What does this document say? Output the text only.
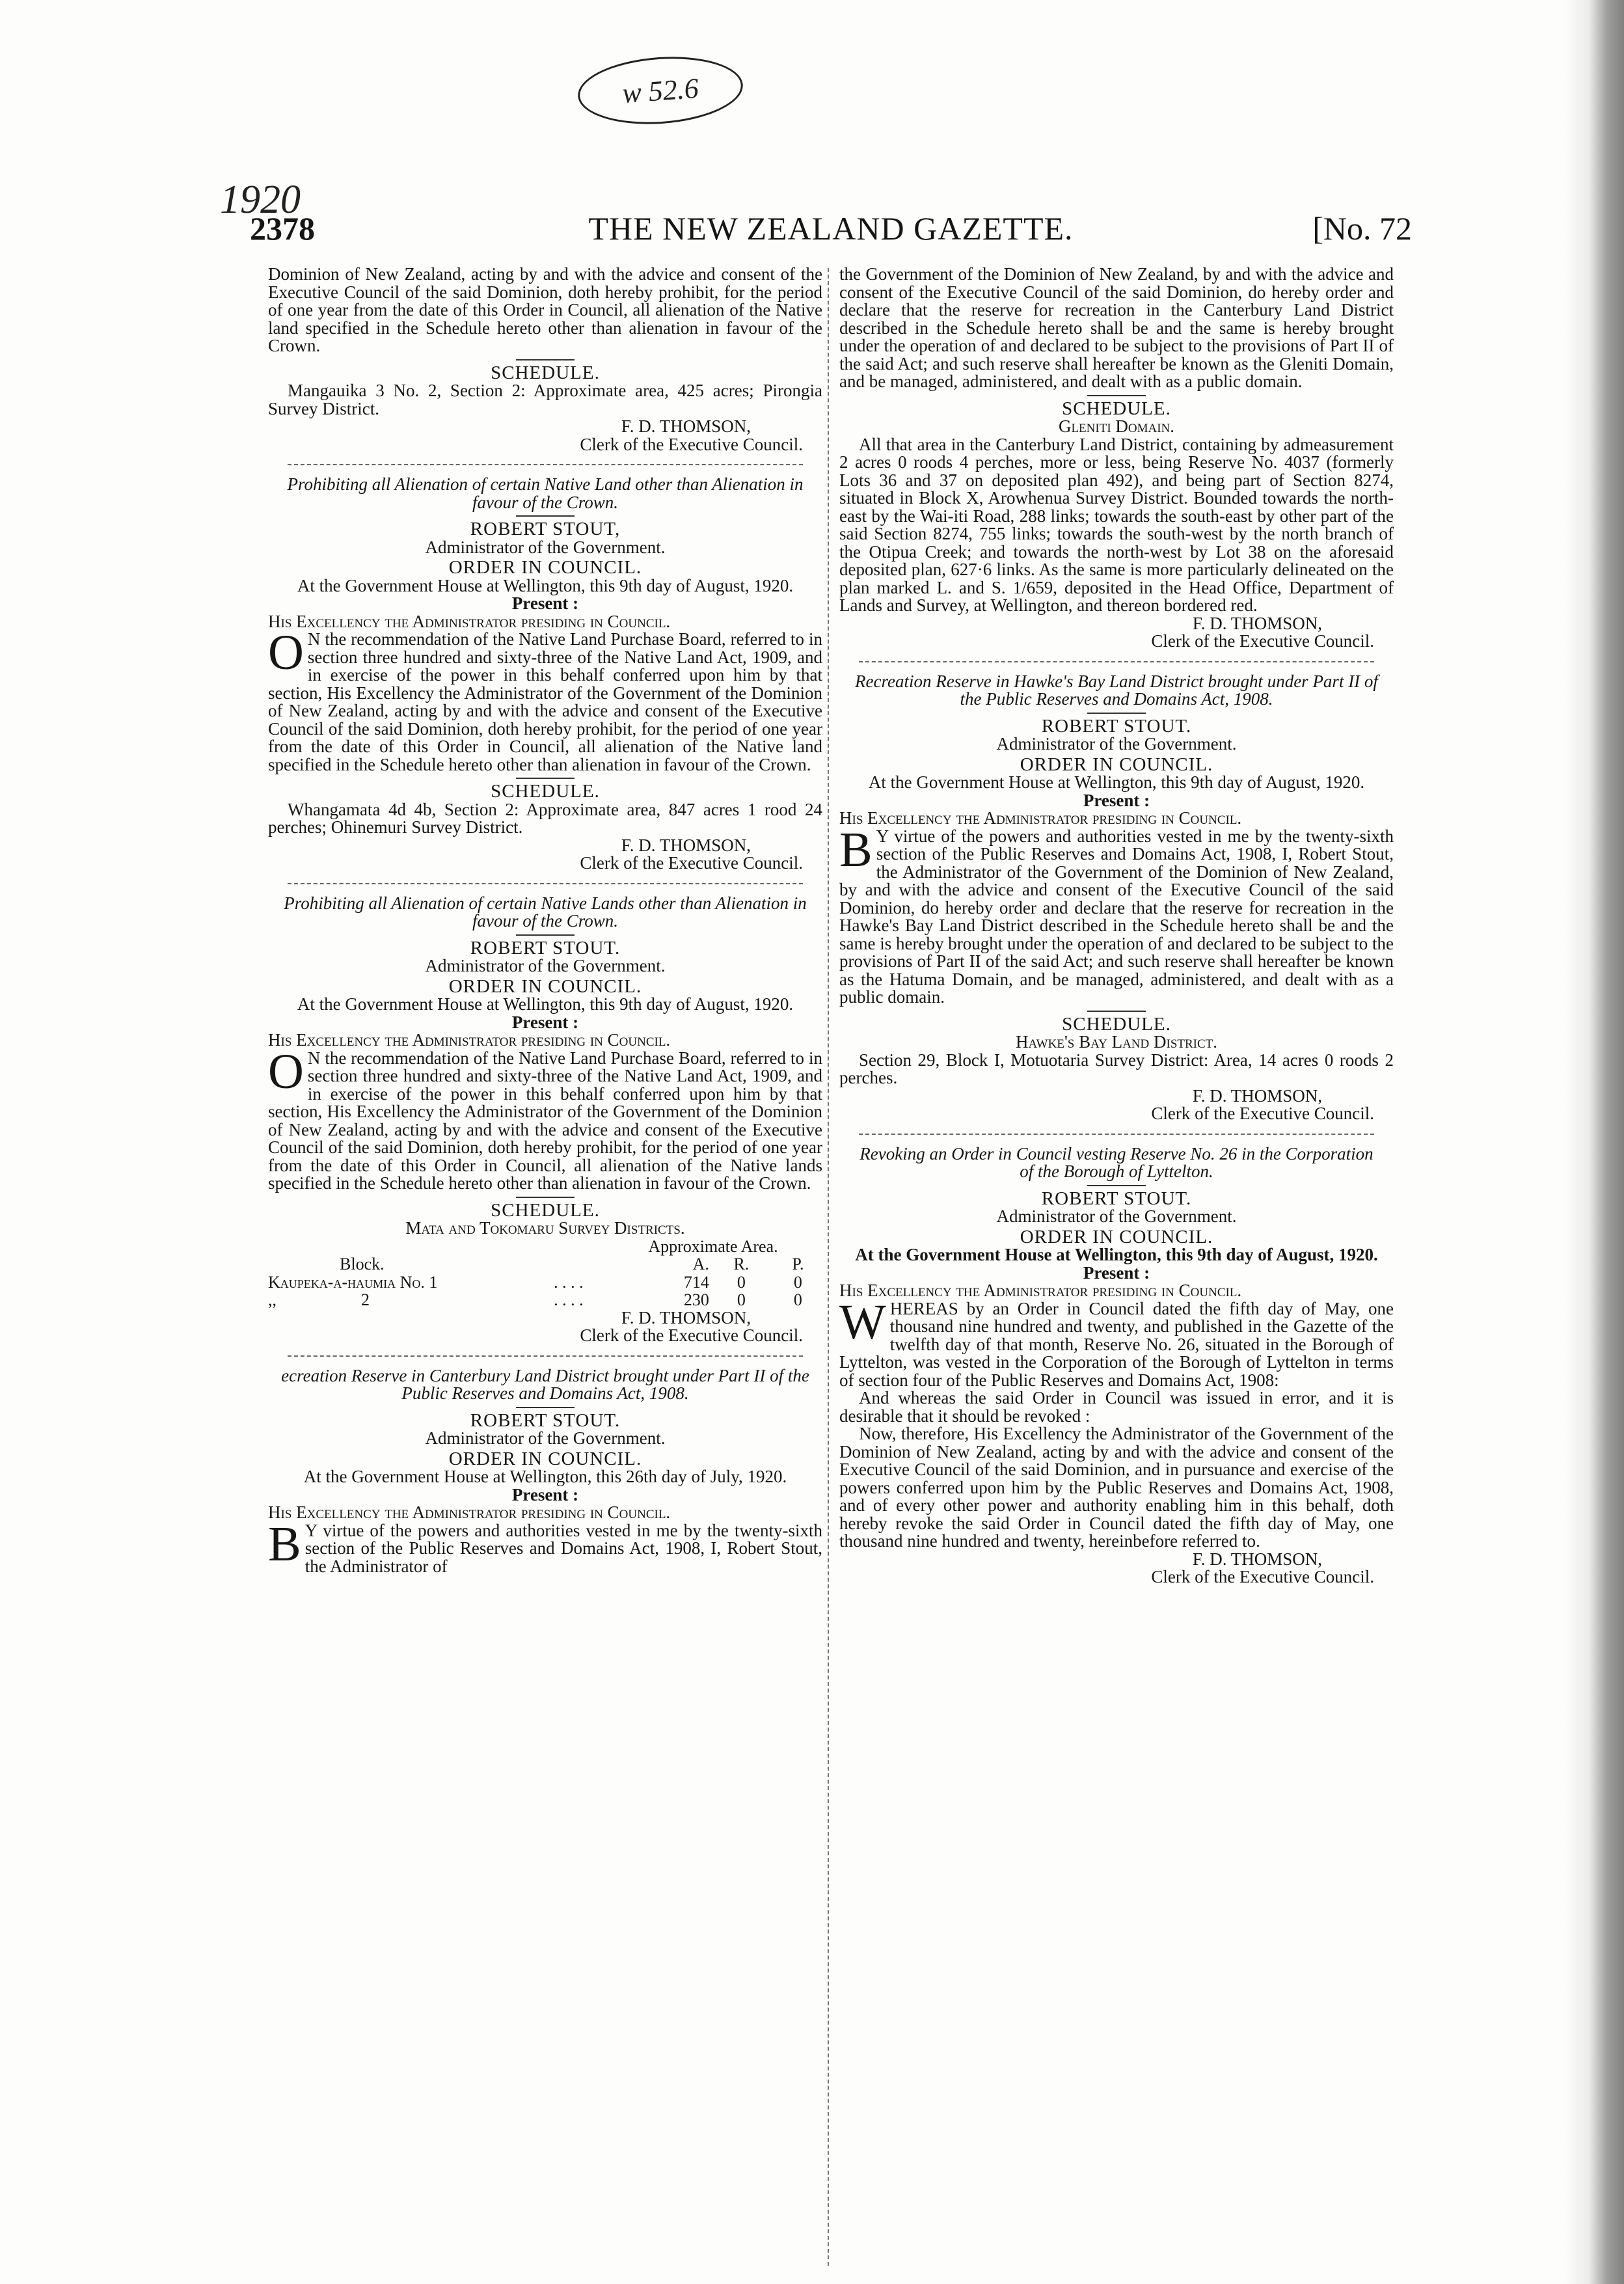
w 52.6
1920
2378	THE NEW ZEALAND GAZETTE.	[No. 72

Dominion of New Zealand, acting by and with the advice and consent of the Executive Council of the said Dominion, doth hereby prohibit, for the period of one year from the date of this Order in Council, all alienation of the Native land specified in the Schedule hereto other than alienation in favour of the Crown.

SCHEDULE.

Mangauika 3 No. 2, Section 2: Approximate area, 425 acres; Pirongia Survey District.

F. D. THOMSON,

Clerk of the Executive Council.

Prohibiting all Alienation of certain Native Land other than Alienation in favour of the Crown.

ROBERT STOUT,

Administrator of the Government.

ORDER IN COUNCIL.

At the Government House at Wellington, this 9th day of August, 1920.

Present :

His Excellency the Administrator presiding in Council.

O N the recommendation of the Native Land Purchase Board, referred to in section three hundred and sixty-three of the Native Land Act, 1909, and in exercise of the power in this behalf conferred upon him by that section, His Excellency the Administrator of the Government of the Dominion of New Zealand, acting by and with the advice and consent of the Executive Council of the said Dominion, doth hereby prohibit, for the period of one year from the date of this Order in Council, all alienation of the Native land specified in the Schedule hereto other than alienation in favour of the Crown.

SCHEDULE.

Whangamata 4d 4b, Section 2: Approximate area, 847 acres 1 rood 24 perches; Ohinemuri Survey District.

F. D. THOMSON,

Clerk of the Executive Council.

Prohibiting all Alienation of certain Native Lands other than Alienation in favour of the Crown.

ROBERT STOUT.

Administrator of the Government.

ORDER IN COUNCIL.

At the Government House at Wellington, this 9th day of August, 1920.

Present :

His Excellency the Administrator presiding in Council.

O N the recommendation of the Native Land Purchase Board, referred to in section three hundred and sixty-three of the Native Land Act, 1909, and in exercise of the power in this behalf conferred upon him by that section, His Excellency the Administrator of the Government of the Dominion of New Zealand, acting by and with the advice and consent of the Executive Council of the said Dominion, doth hereby prohibit, for the period of one year from the date of this Order in Council, all alienation of the Native lands specified in the Schedule hereto other than alienation in favour of the Crown.

SCHEDULE.

Mata and Tokomaru Survey Districts.

		Approximate Area.		
Block.			A.	R.	P.
Kaupeka-a-haumia No. 1		. . . .	714	0	0
,,                    2		. . . .	230	0	0

F. D. THOMSON,

Clerk of the Executive Council.

ecreation Reserve in Canterbury Land District brought under Part II of the Public Reserves and Domains Act, 1908.

ROBERT STOUT.

Administrator of the Government.

ORDER IN COUNCIL.

At the Government House at Wellington, this 26th day of July, 1920.

Present :

His Excellency the Administrator presiding in Council.

B Y virtue of the powers and authorities vested in me by the twenty-sixth section of the Public Reserves and Domains Act, 1908, I, Robert Stout, the Administrator of

the Government of the Dominion of New Zealand, by and with the advice and consent of the Executive Council of the said Dominion, do hereby order and declare that the reserve for recreation in the Canterbury Land District described in the Schedule hereto shall be and the same is hereby brought under the operation of and declared to be subject to the provisions of Part II of the said Act; and such reserve shall hereafter be known as the Gleniti Domain, and be managed, administered, and dealt with as a public domain.

SCHEDULE.

Gleniti Domain.

All that area in the Canterbury Land District, containing by admeasurement 2 acres 0 roods 4 perches, more or less, being Reserve No. 4037 (formerly Lots 36 and 37 on deposited plan 492), and being part of Section 8274, situated in Block X, Arowhenua Survey District. Bounded towards the north-east by the Wai-iti Road, 288 links; towards the south-east by other part of the said Section 8274, 755 links; towards the south-west by the north branch of the Otipua Creek; and towards the north-west by Lot 38 on the aforesaid deposited plan, 627·6 links. As the same is more particularly delineated on the plan marked L. and S. 1/659, deposited in the Head Office, Department of Lands and Survey, at Wellington, and thereon bordered red.

F. D. THOMSON,

Clerk of the Executive Council.

Recreation Reserve in Hawke's Bay Land District brought under Part II of the Public Reserves and Domains Act, 1908.

ROBERT STOUT.

Administrator of the Government.

ORDER IN COUNCIL.

At the Government House at Wellington, this 9th day of August, 1920.

Present :

His Excellency the Administrator presiding in Council.

B Y virtue of the powers and authorities vested in me by the twenty-sixth section of the Public Reserves and Domains Act, 1908, I, Robert Stout, the Administrator of the Government of the Dominion of New Zealand, by and with the advice and consent of the Executive Council of the said Dominion, do hereby order and declare that the reserve for recreation in the Hawke's Bay Land District described in the Schedule hereto shall be and the same is hereby brought under the operation of and declared to be subject to the provisions of Part II of the said Act; and such reserve shall hereafter be known as the Hatuma Domain, and be managed, administered, and dealt with as a public domain.

SCHEDULE.

Hawke's Bay Land District.

Section 29, Block I, Motuotaria Survey District: Area, 14 acres 0 roods 2 perches.

F. D. THOMSON,

Clerk of the Executive Council.

Revoking an Order in Council vesting Reserve No. 26 in the Corporation of the Borough of Lyttelton.

ROBERT STOUT.

Administrator of the Government.

ORDER IN COUNCIL.

At the Government House at Wellington, this 9th day of August, 1920.

Present :

His Excellency the Administrator presiding in Council.

WHEREAS by an Order in Council dated the fifth day of May, one thousand nine hundred and twenty, and published in the Gazette of the twelfth day of that month, Reserve No. 26, situated in the Borough of Lyttelton, was vested in the Corporation of the Borough of Lyttelton in terms of section four of the Public Reserves and Domains Act, 1908:

And whereas the said Order in Council was issued in error, and it is desirable that it should be revoked :

Now, therefore, His Excellency the Administrator of the Government of the Dominion of New Zealand, acting by and with the advice and consent of the Executive Council of the said Dominion, and in pursuance and exercise of the powers conferred upon him by the Public Reserves and Domains Act, 1908, and of every other power and authority enabling him in this behalf, doth hereby revoke the said Order in Council dated the fifth day of May, one thousand nine hundred and twenty, hereinbefore referred to.

F. D. THOMSON,

Clerk of the Executive Council.
